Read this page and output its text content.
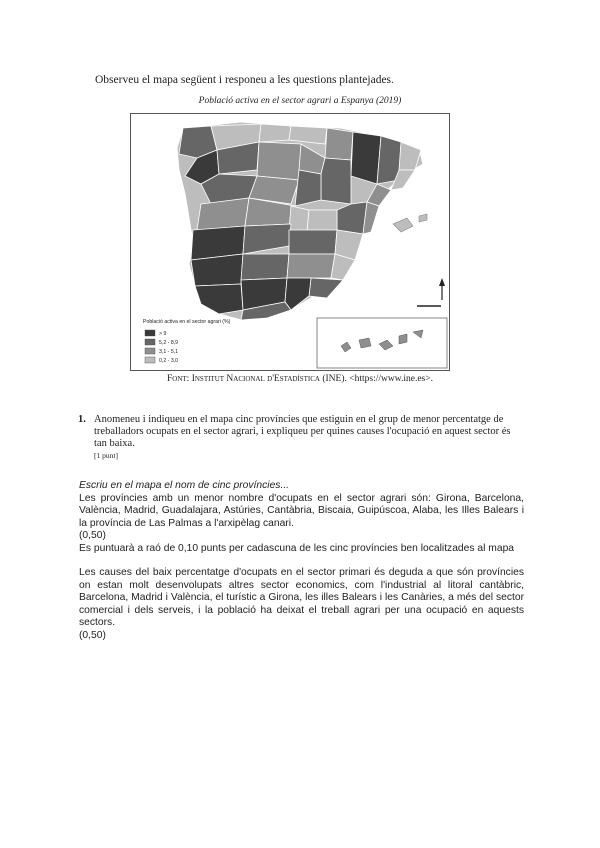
Observeu el mapa següent i responeu a les questions plantejades.
Població activa en el sector agrari a Espanya (2019)
Població activa en el sector agrari (%)
> 9
5,2 - 8,9
3,1 - 5,1
0,2 - 3,0
Font: Institut Nacional d'Estadística (INE). <https://www.ine.es>.
1. Anomeneu i indiqueu en el mapa cinc províncies que estiguin en el grup de menor percentatge de treballadors ocupats en el sector agrari, i expliqueu per quines causes l'ocupació en aquest sector és tan baixa.
[1 punt]

Escriu en el mapa el nom de cinc províncies...

Les províncies amb un menor nombre d'ocupats en el sector agrari són: Girona, Barcelona, València, Madrid, Guadalajara, Astúries, Cantàbria, Biscaia, Guipúscoa, Alaba, les Illes Balears i la província de Las Palmas a l'arxipèlag canari.

(0,50)

Es puntuarà a raó de 0,10 punts per cadascuna de les cinc províncies ben localitzades al mapa

Les causes del baix percentatge d'ocupats en el sector primari és deguda a que són províncies on estan molt desenvolupats altres sector economics, com l'industrial al litoral cantàbric, Barcelona, Madrid i València, el turístic a Girona, les illes Balears i les Canàries, a més del sector comercial i dels serveis, i la població ha deixat el treball agrari per una ocupació en aquests sectors.

(0,50)
